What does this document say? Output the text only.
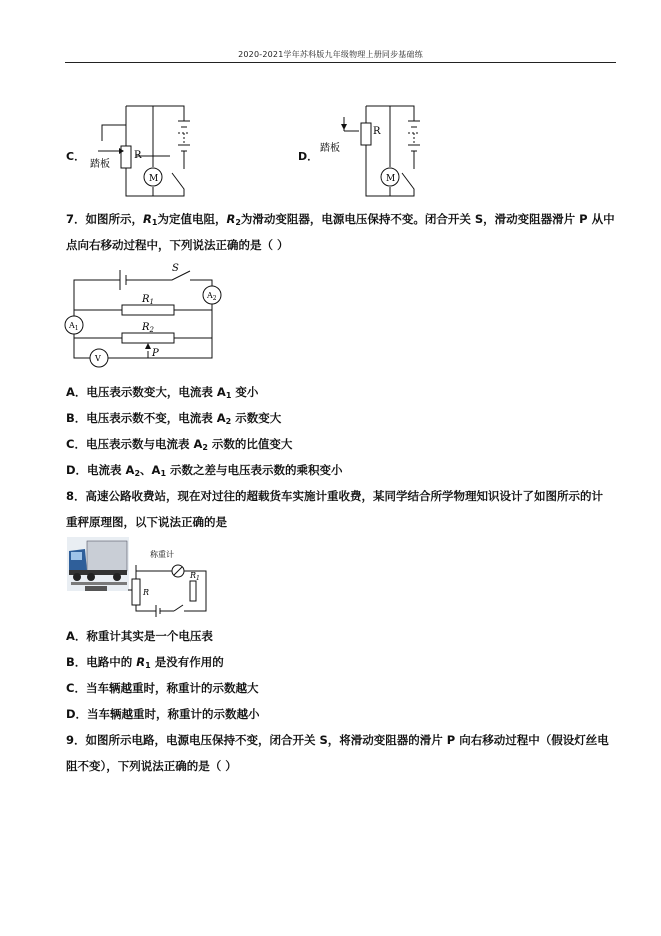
2020-2021学年苏科版九年级物理上册同步基础练
C．	R
M
踏板
D．
R
M
踏板
7．如图所示，$R_1$为定值电阻，$R_2$为滑动变阻器，电源电压保持不变。闭合开关 S，滑动变阻器滑片 P 从中
点向右移动过程中，下列说法正确的是（ ）
S
$R_1$
$R_2$
P
$A_1$
$A_2$
V
A．电压表示数变大，电流表 $A_1$ 变小
B．电压表示数不变，电流表 $A_2$ 示数变大
C．电压表示数与电流表 $A_2$ 示数的比值变大
D．电流表 $A_2$、$A_1$ 示数之差与电压表示数的乘积变小
8．高速公路收费站，现在对过往的超载货车实施计重收费，某同学结合所学物理知识设计了如图所示的计
重秤原理图，以下说法正确的是
称重计
R
$R_1$
A．称重计其实是一个电压表
B．电路中的 $R_1$ 是没有作用的
C．当车辆越重时，称重计的示数越大
D．当车辆越重时，称重计的示数越小
9．如图所示电路，电源电压保持不变，闭合开关 S，将滑动变阻器的滑片 P 向右移动过程中（假设灯丝电
阻不变），下列说法正确的是（ ）
